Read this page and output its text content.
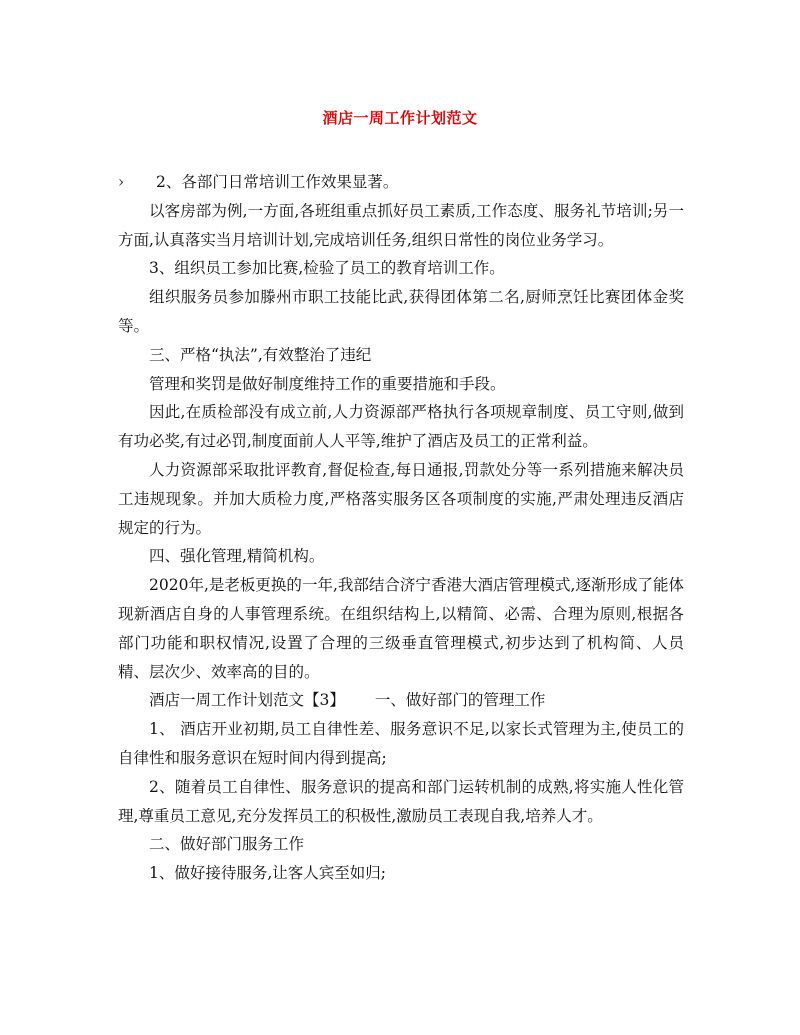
酒店一周工作计划范文

› 2、各部门日常培训工作效果显著。

以客房部为例,一方面,各班组重点抓好员工素质,工作态度、服务礼节培训;另一方面,认真落实当月培训计划,完成培训任务,组织日常性的岗位业务学习。

3、组织员工参加比赛,检验了员工的教育培训工作。

组织服务员参加滕州市职工技能比武,获得团体第二名,厨师烹饪比赛团体金奖等。

三、严格“执法”,有效整治了违纪

管理和奖罚是做好制度维持工作的重要措施和手段。

因此,在质检部没有成立前,人力资源部严格执行各项规章制度、员工守则,做到有功必奖,有过必罚,制度面前人人平等,维护了酒店及员工的正常利益。

人力资源部采取批评教育,督促检查,每日通报,罚款处分等一系列措施来解决员工违规现象。并加大质检力度,严格落实服务区各项制度的实施,严肃处理违反酒店规定的行为。

四、强化管理,精简机构。

2020年,是老板更换的一年,我部结合济宁香港大酒店管理模式,逐渐形成了能体现新酒店自身的人事管理系统。在组织结构上,以精简、必需、合理为原则,根据各部门功能和职权情况,设置了合理的三级垂直管理模式,初步达到了机构简、人员精、层次少、效率高的目的。

酒店一周工作计划范文【3】 一、做好部门的管理工作

1、 酒店开业初期,员工自律性差、服务意识不足,以家长式管理为主,使员工的自律性和服务意识在短时间内得到提高;

2、随着员工自律性、服务意识的提高和部门运转机制的成熟,将实施人性化管理,尊重员工意见,充分发挥员工的积极性,激励员工表现自我,培养人才。

二、做好部门服务工作

1、做好接待服务,让客人宾至如归;
